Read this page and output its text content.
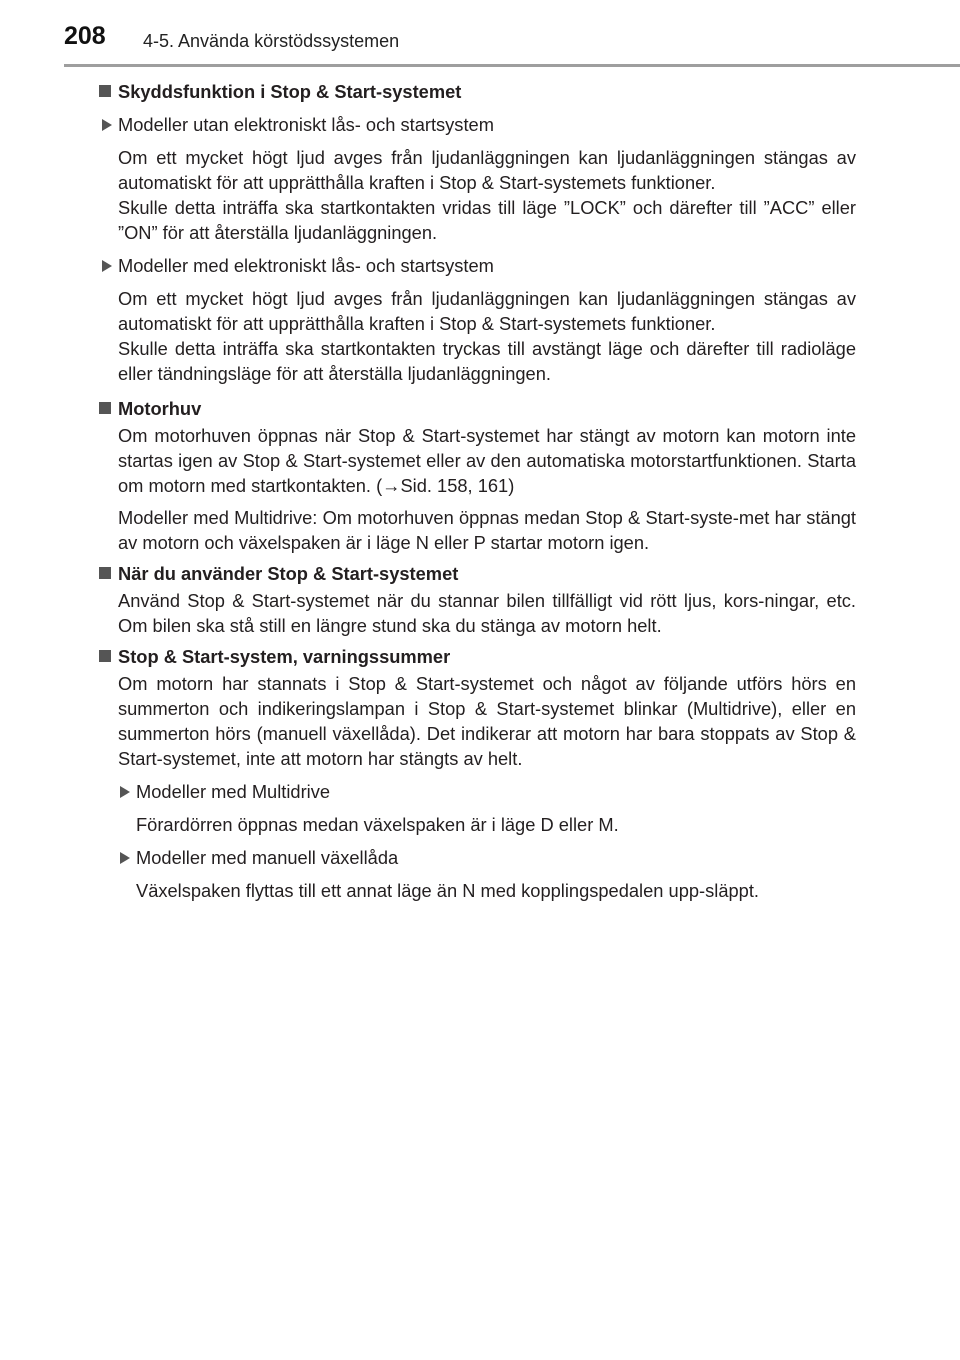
208 4-5. Använda körstödssystemen

Skyddsfunktion i Stop & Start-systemet

Modeller utan elektroniskt lås- och startsystem

Om ett mycket högt ljud avges från ljudanläggningen kan ljudanläggningen stängas av automatiskt för att upprätthålla kraften i Stop & Start-systemets funktioner.

Skulle detta inträffa ska startkontakten vridas till läge ”LOCK” och därefter till ”ACC” eller ”ON” för att återställa ljudanläggningen.

Modeller med elektroniskt lås- och startsystem

Om ett mycket högt ljud avges från ljudanläggningen kan ljudanläggningen stängas av automatiskt för att upprätthålla kraften i Stop & Start-systemets funktioner.

Skulle detta inträffa ska startkontakten tryckas till avstängt läge och därefter till radioläge eller tändningsläge för att återställa ljudanläggningen.

Motorhuv

Om motorhuven öppnas när Stop & Start-systemet har stängt av motorn kan motorn inte startas igen av Stop & Start-systemet eller av den automatiska motorstartfunktionen. Starta om motorn med startkontakten. (→Sid. 158, 161)

Modeller med Multidrive: Om motorhuven öppnas medan Stop & Start-syste-met har stängt av motorn och växelspaken är i läge N eller P startar motorn igen.

När du använder Stop & Start-systemet

Använd Stop & Start-systemet när du stannar bilen tillfälligt vid rött ljus, kors-ningar, etc. Om bilen ska stå still en längre stund ska du stänga av motorn helt.

Stop & Start-system, varningssummer

Om motorn har stannats i Stop & Start-systemet och något av följande utförs hörs en summerton och indikeringslampan i Stop & Start-systemet blinkar (Multidrive), eller en summerton hörs (manuell växellåda). Det indikerar att motorn har bara stoppats av Stop & Start-systemet, inte att motorn har stängts av helt.

Modeller med Multidrive

Förardörren öppnas medan växelspaken är i läge D eller M.

Modeller med manuell växellåda

Växelspaken flyttas till ett annat läge än N med kopplingspedalen upp-släppt.
